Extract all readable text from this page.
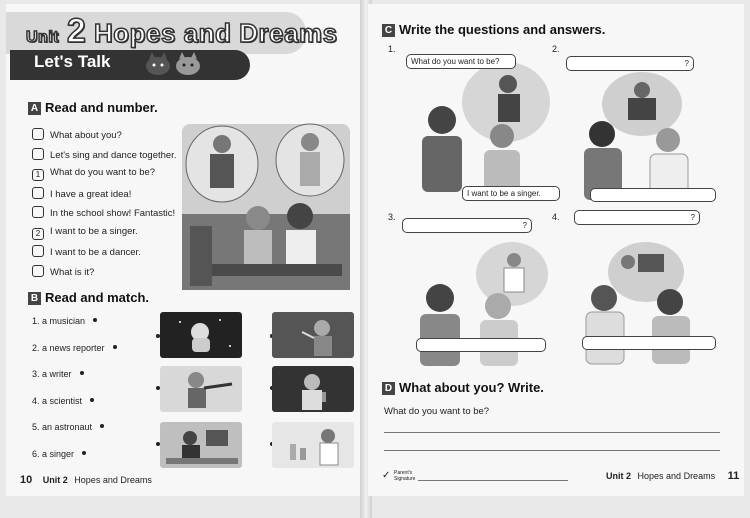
Unit 2 Hopes and Dreams
Let's Talk
A Read and number.
What about you?
Let's sing and dance together.
1 What do you want to be?
I have a great idea!
In the school show! Fantastic!
2 I want to be a singer.
I want to be a dancer.
What is it?
B Read and match.
1. a musician
2. a news reporter
3. a writer
4. a scientist
5. an astronaut
6. a singer
10 Unit 2 Hopes and Dreams
C Write the questions and answers.
1.
What do you want to be?
I want to be a singer.
2.
?
3.
?
4.	?
D What about you? Write.
What do you want to be?
✓ Parent's Signature	Unit 2 Hopes and Dreams 11
